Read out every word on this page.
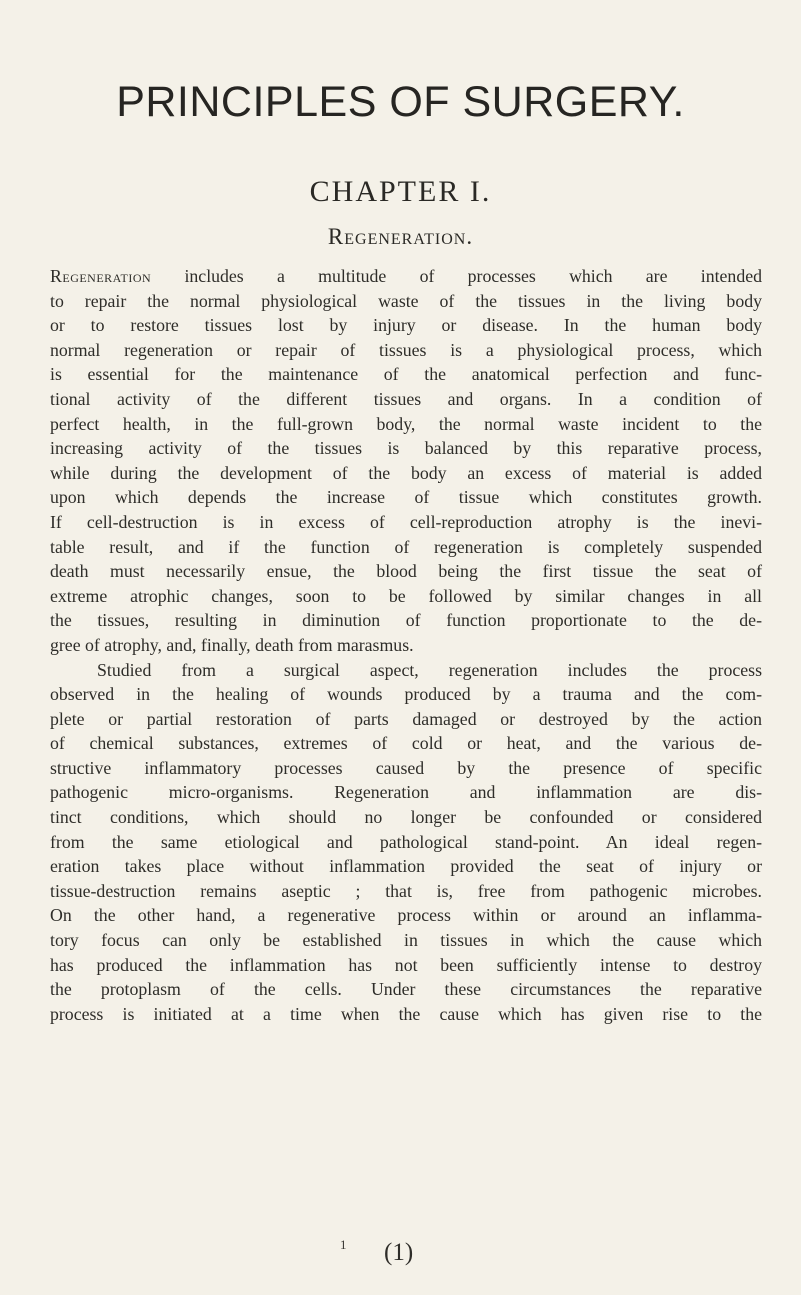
PRINCIPLES OF SURGERY.
CHAPTER I.
Regeneration.
Regeneration includes a multitude of processes which are intended
to repair the normal physiological waste of the tissues in the living body
or to restore tissues lost by injury or disease. In the human body
normal regeneration or repair of tissues is a physiological process, which
is essential for the maintenance of the anatomical perfection and func-
tional activity of the different tissues and organs. In a condition of
perfect health, in the full-grown body, the normal waste incident to the
increasing activity of the tissues is balanced by this reparative process,
while during the development of the body an excess of material is added
upon which depends the increase of tissue which constitutes growth.
If cell-destruction is in excess of cell-reproduction atrophy is the inevi-
table result, and if the function of regeneration is completely suspended
death must necessarily ensue, the blood being the first tissue the seat of
extreme atrophic changes, soon to be followed by similar changes in all
the tissues, resulting in diminution of function proportionate to the de-
gree of atrophy, and, finally, death from marasmus.
Studied from a surgical aspect, regeneration includes the process
observed in the healing of wounds produced by a trauma and the com-
plete or partial restoration of parts damaged or destroyed by the action
of chemical substances, extremes of cold or heat, and the various de-
structive inflammatory processes caused by the presence of specific
pathogenic micro-organisms. Regeneration and inflammation are dis-
tinct conditions, which should no longer be confounded or considered
from the same etiological and pathological stand-point. An ideal regen-
eration takes place without inflammation provided the seat of injury or
tissue-destruction remains aseptic ; that is, free from pathogenic microbes.
On the other hand, a regenerative process within or around an inflamma-
tory focus can only be established in tissues in which the cause which
has produced the inflammation has not been sufficiently intense to destroy
the protoplasm of the cells. Under these circumstances the reparative
process is initiated at a time when the cause which has given rise to the
1 (1)
